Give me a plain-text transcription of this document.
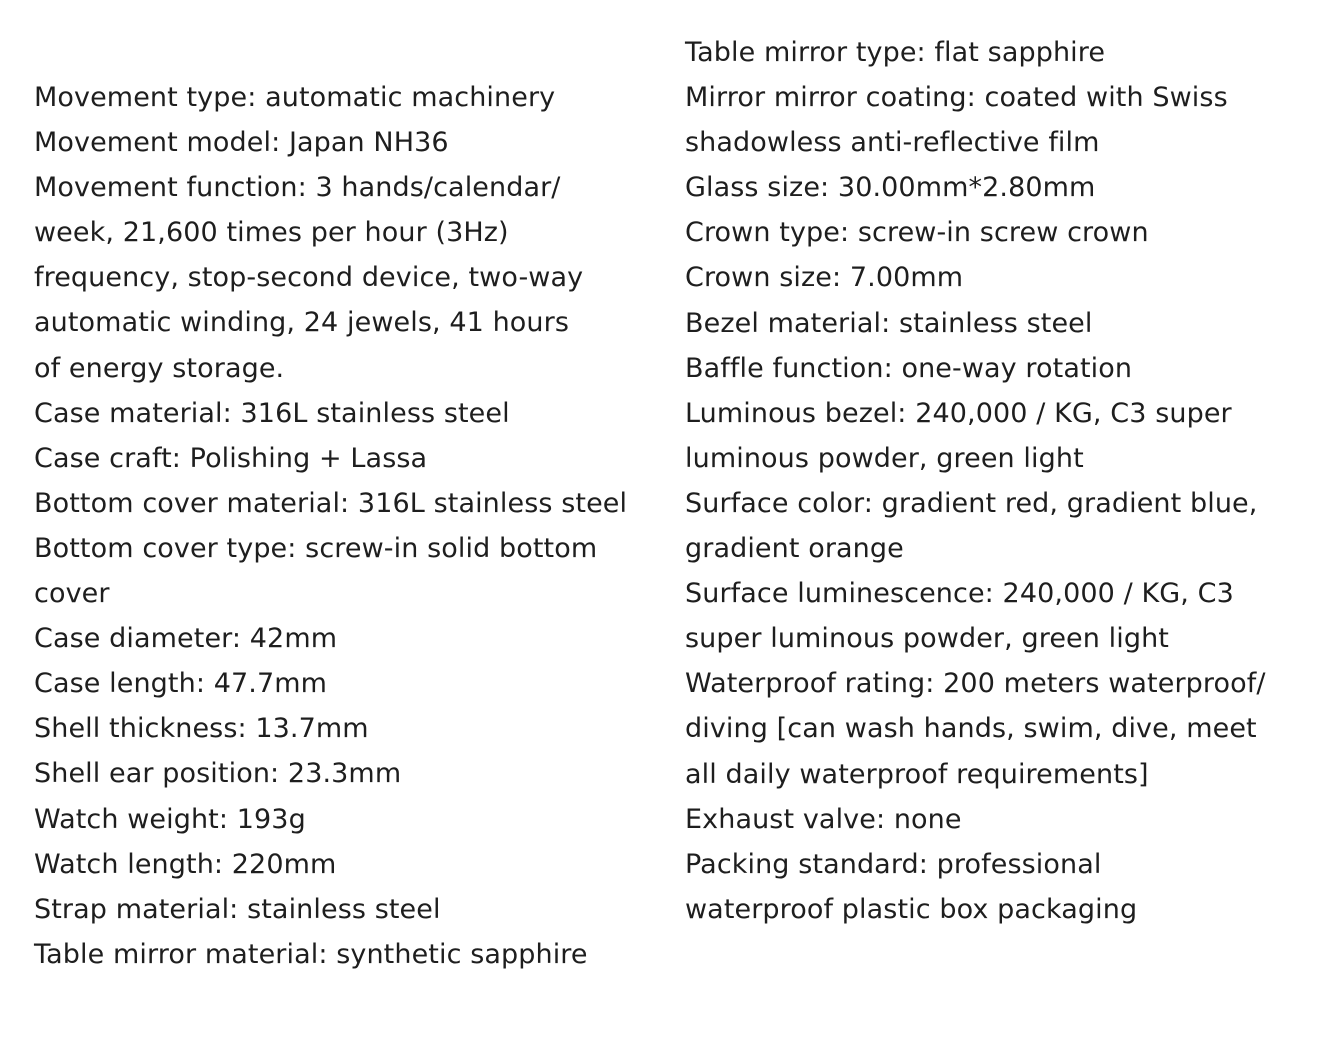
Movement type: automatic machinery
Movement model: Japan NH36
Movement function: 3 hands/calendar/
week, 21,600 times per hour (3Hz)
frequency, stop-second device, two-way
automatic winding, 24 jewels, 41 hours
of energy storage.
Case material: 316L stainless steel
Case craft: Polishing + Lassa
Bottom cover material: 316L stainless steel
Bottom cover type: screw-in solid bottom
cover
Case diameter: 42mm
Case length: 47.7mm
Shell thickness: 13.7mm
Shell ear position: 23.3mm
Watch weight: 193g
Watch length: 220mm
Strap material: stainless steel
Table mirror material: synthetic sapphire
Table mirror type: flat sapphire
Mirror mirror coating: coated with Swiss
shadowless anti-reflective film
Glass size: 30.00mm*2.80mm
Crown type: screw-in screw crown
Crown size: 7.00mm
Bezel material: stainless steel
Baffle function: one-way rotation
Luminous bezel: 240,000 / KG, C3 super
luminous powder, green light
Surface color: gradient red, gradient blue,
gradient orange
Surface luminescence: 240,000 / KG, C3
super luminous powder, green light
Waterproof rating: 200 meters waterproof/
diving [can wash hands, swim, dive, meet
all daily waterproof requirements]
Exhaust valve: none
Packing standard: professional
waterproof plastic box packaging
